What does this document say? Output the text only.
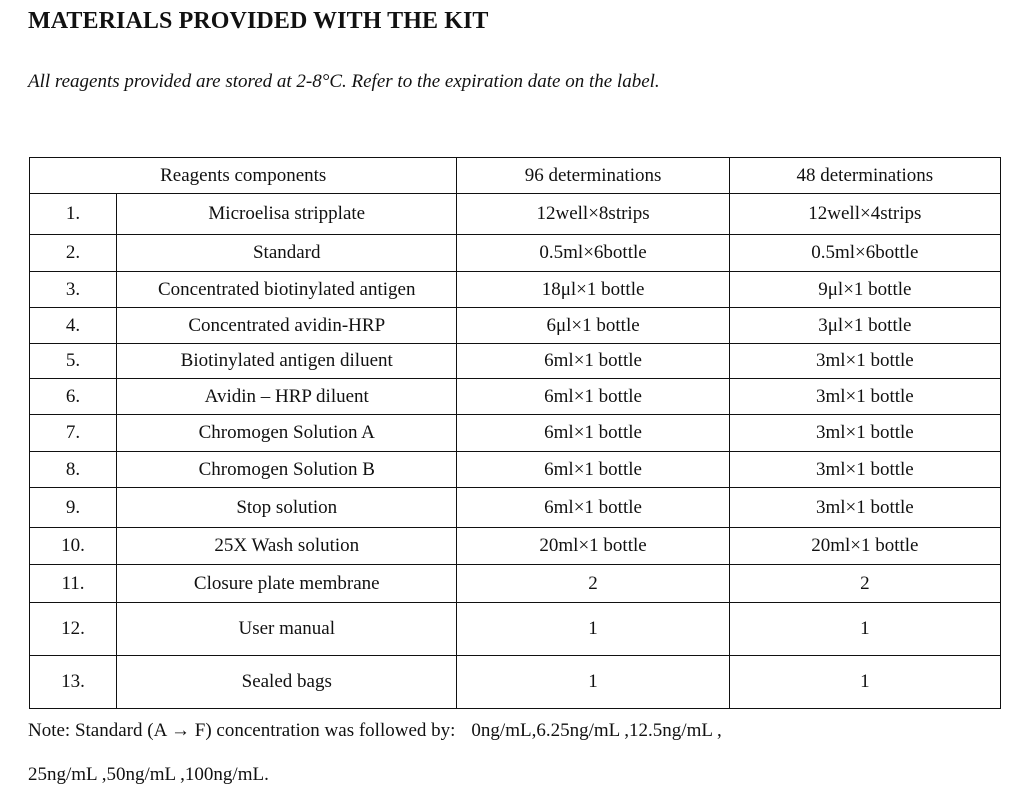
MATERIALS PROVIDED WITH THE KIT
All reagents provided are stored at 2-8°C. Refer to the expiration date on the label.
Reagents components		96 determinations	48 determinations
1.	Microelisa stripplate	12well×8strips	12well×4strips
2.	Standard	0.5ml×6bottle	0.5ml×6bottle
3.	Concentrated biotinylated antigen	18μl×1 bottle	9μl×1 bottle
4.	Concentrated avidin-HRP	6μl×1 bottle	3μl×1 bottle
5.	Biotinylated antigen diluent	6ml×1 bottle	3ml×1 bottle
6.	Avidin – HRP diluent	6ml×1 bottle	3ml×1 bottle
7.	Chromogen Solution A	6ml×1 bottle	3ml×1 bottle
8.	Chromogen Solution B	6ml×1 bottle	3ml×1 bottle
9.	Stop solution	6ml×1 bottle	3ml×1 bottle
10.	25X Wash solution	20ml×1 bottle	20ml×1 bottle
11.	Closure plate membrane	2	2
12.	User manual	1	1
13.	Sealed bags	1	1
Note: Standard (A → F) concentration was followed by: 0ng/mL,6.25ng/mL ,12.5ng/mL ,
25ng/mL ,50ng/mL ,100ng/mL.
